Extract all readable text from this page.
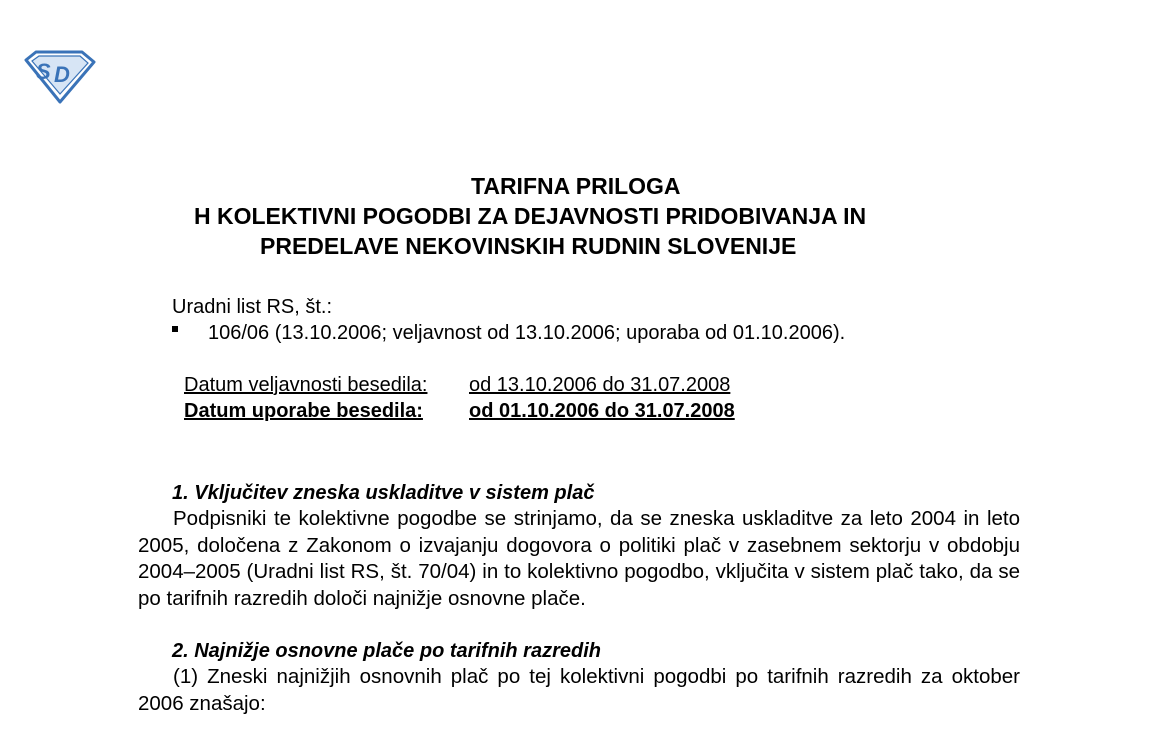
S D
TARIFNA PRILOGA
H KOLEKTIVNI POGODBI ZA DEJAVNOSTI PRIDOBIVANJA IN
PREDELAVE NEKOVINSKIH RUDNIN SLOVENIJE
Uradni list RS, št.:
106/06 (13.10.2006; veljavnost od 13.10.2006; uporaba od 01.10.2006).
Datum veljavnosti besedila: od 13.10.2006 do 31.07.2008
Datum uporabe besedila: od 01.10.2006 do 31.07.2008
1. Vključitev zneska uskladitve v sistem plač

Podpisniki te kolektivne pogodbe se strinjamo, da se zneska uskladitve za leto 2004 in leto 2005, določena z Zakonom o izvajanju dogovora o politiki plač v zasebnem sektorju v obdobju 2004–2005 (Uradni list RS, št. 70/04) in to kolektivno pogodbo, vključita v sistem plač tako, da se po tarifnih razredih določi najnižje osnovne plače.

2. Najnižje osnovne plače po tarifnih razredih

(1) Zneski najnižjih osnovnih plač po tej kolektivni pogodbi po tarifnih razredih za oktober 2006 znašajo:
